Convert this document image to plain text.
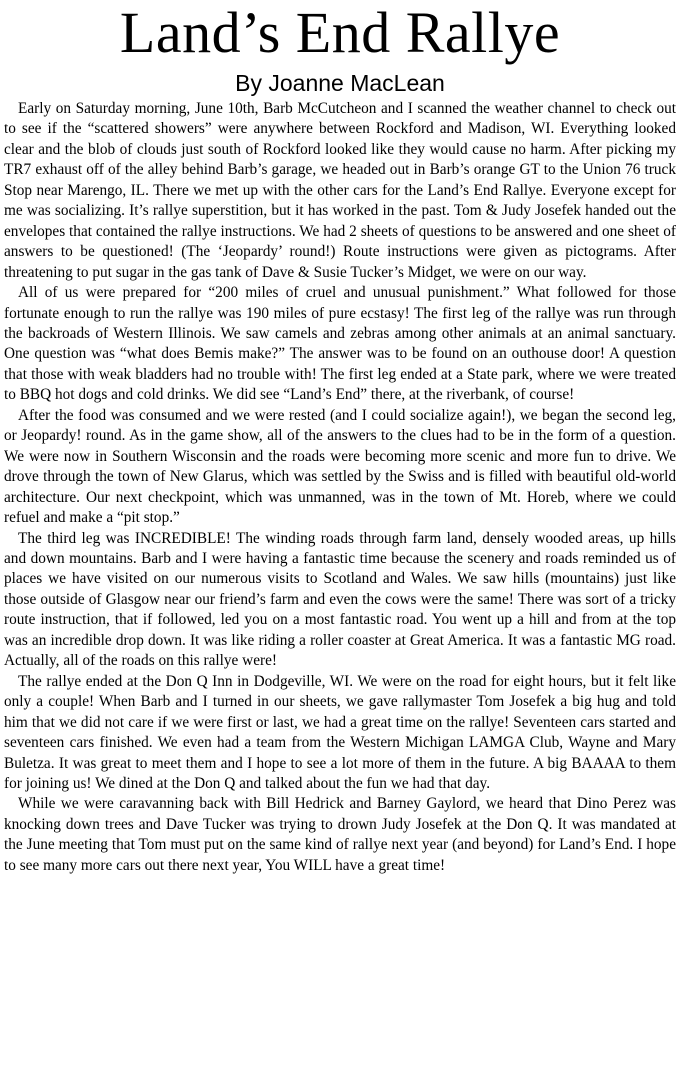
Land’s End Rallye
By Joanne MacLean

Early on Saturday morning, June 10th, Barb McCutcheon and I scanned the weather channel to check out to see if the “scattered showers” were anywhere between Rockford and Madison, WI. Everything looked clear and the blob of clouds just south of Rockford looked like they would cause no harm. After picking my TR7 exhaust off of the alley behind Barb’s garage, we headed out in Barb’s orange GT to the Union 76 truck Stop near Marengo, IL. There we met up with the other cars for the Land’s End Rallye. Everyone except for me was socializing. It’s rallye superstition, but it has worked in the past. Tom & Judy Josefek handed out the envelopes that contained the rallye instructions. We had 2 sheets of questions to be answered and one sheet of answers to be questioned! (The ‘Jeopardy’ round!) Route instructions were given as pictograms. After threatening to put sugar in the gas tank of Dave & Susie Tucker’s Midget, we were on our way.

All of us were prepared for “200 miles of cruel and unusual punishment.” What followed for those fortunate enough to run the rallye was 190 miles of pure ecstasy! The first leg of the rallye was run through the backroads of Western Illinois. We saw camels and zebras among other animals at an animal sanctuary. One question was “what does Bemis make?” The answer was to be found on an outhouse door! A question that those with weak bladders had no trouble with! The first leg ended at a State park, where we were treated to BBQ hot dogs and cold drinks. We did see “Land’s End” there, at the riverbank, of course!

After the food was consumed and we were rested (and I could socialize again!), we began the second leg, or Jeopardy! round. As in the game show, all of the answers to the clues had to be in the form of a question. We were now in Southern Wisconsin and the roads were becoming more scenic and more fun to drive. We drove through the town of New Glarus, which was settled by the Swiss and is filled with beautiful old-world architecture. Our next checkpoint, which was unmanned, was in the town of Mt. Horeb, where we could refuel and make a “pit stop.”

The third leg was INCREDIBLE! The winding roads through farm land, densely wooded areas, up hills and down mountains. Barb and I were having a fantastic time because the scenery and roads reminded us of places we have visited on our numerous visits to Scotland and Wales. We saw hills (mountains) just like those outside of Glasgow near our friend’s farm and even the cows were the same! There was sort of a tricky route instruction, that if followed, led you on a most fantastic road. You went up a hill and from at the top was an incredible drop down. It was like riding a roller coaster at Great America. It was a fantastic MG road. Actually, all of the roads on this rallye were!

The rallye ended at the Don Q Inn in Dodgeville, WI. We were on the road for eight hours, but it felt like only a couple! When Barb and I turned in our sheets, we gave rallymaster Tom Josefek a big hug and told him that we did not care if we were first or last, we had a great time on the rallye! Seventeen cars started and seventeen cars finished. We even had a team from the Western Michigan LAMGA Club, Wayne and Mary Buletza. It was great to meet them and I hope to see a lot more of them in the future. A big BAAAA to them for joining us! We dined at the Don Q and talked about the fun we had that day.

While we were caravanning back with Bill Hedrick and Barney Gaylord, we heard that Dino Perez was knocking down trees and Dave Tucker was trying to drown Judy Josefek at the Don Q. It was mandated at the June meeting that Tom must put on the same kind of rallye next year (and beyond) for Land’s End. I hope to see many more cars out there next year, You WILL have a great time!
